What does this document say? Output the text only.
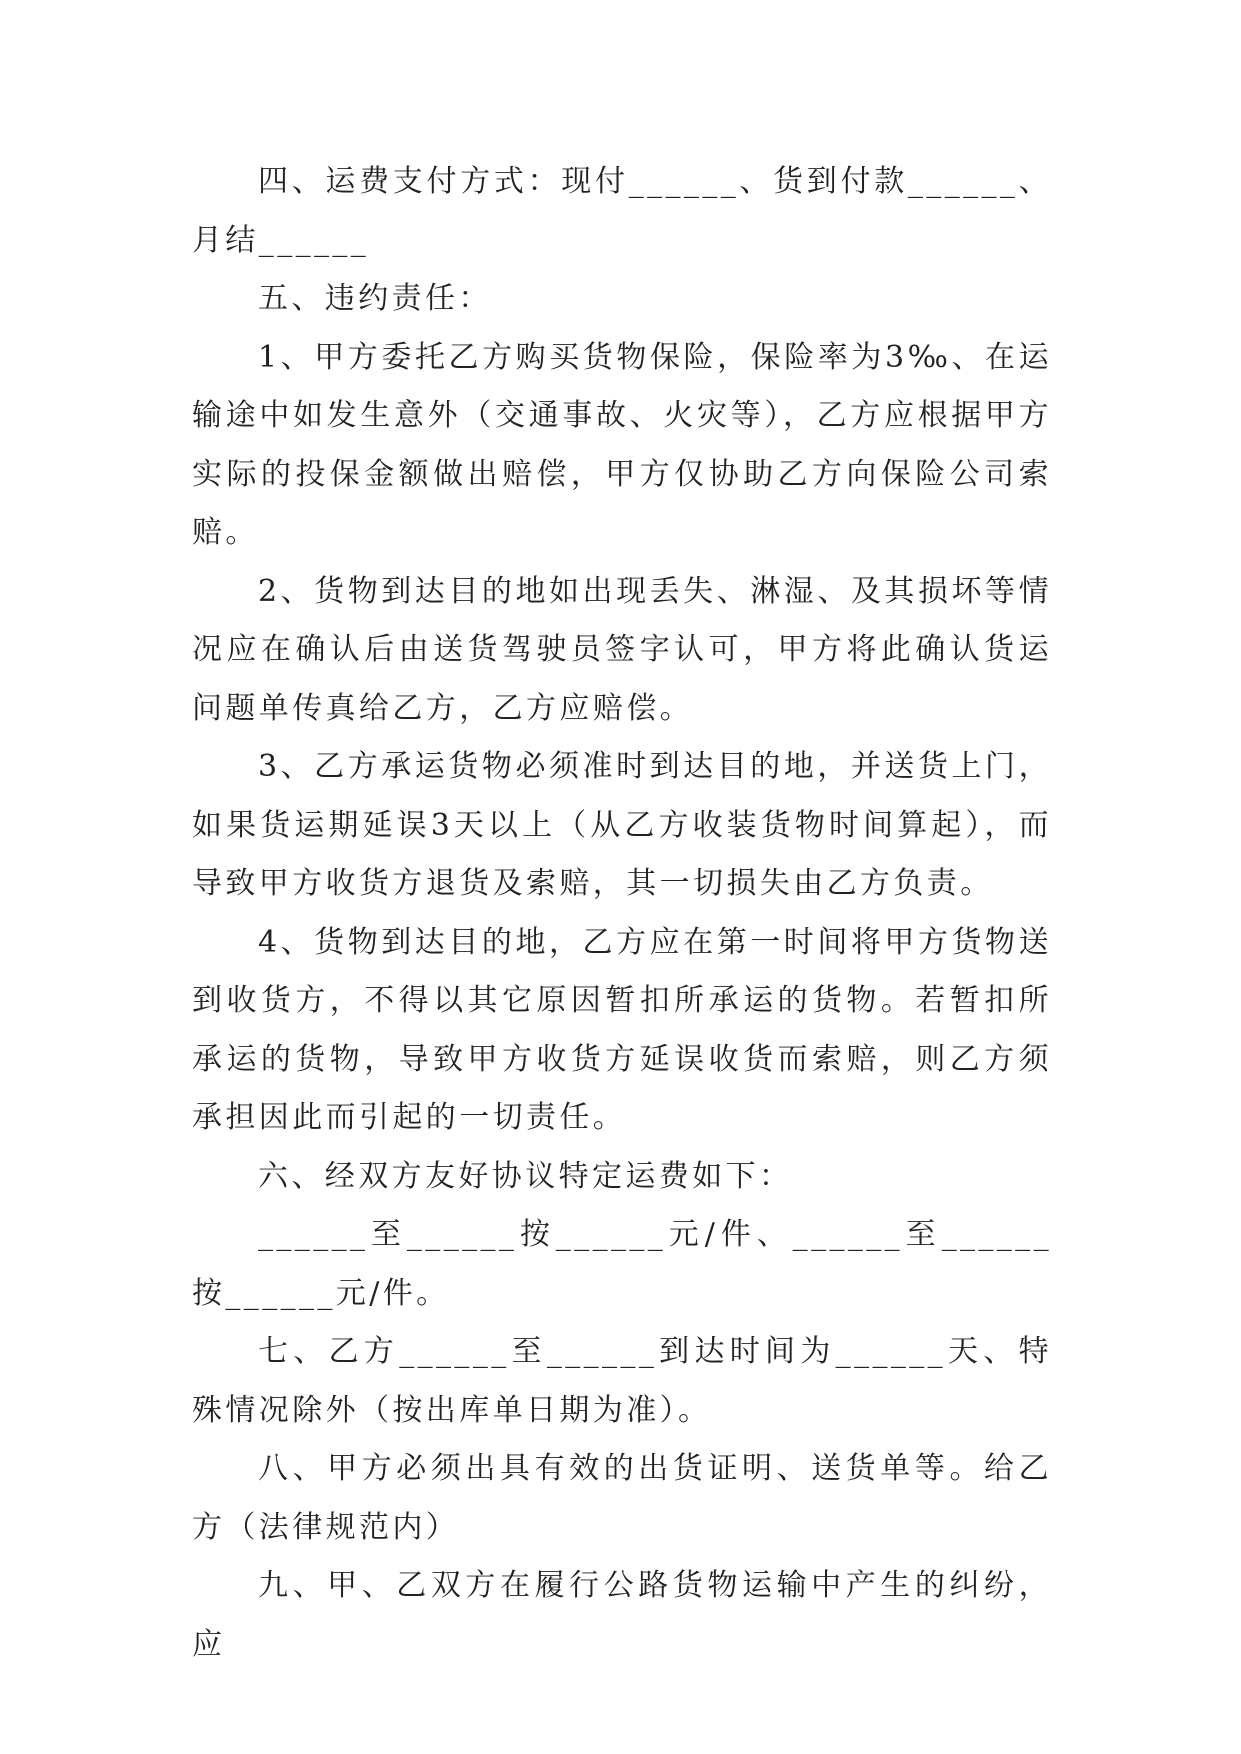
四、运费支付方式：现付______、货到付款______、月结______

五、违约责任：

1、甲方委托乙方购买货物保险，保险率为3‰、在运输途中如发生意外（交通事故、火灾等），乙方应根据甲方实际的投保金额做出赔偿，甲方仅协助乙方向保险公司索赔。

2、货物到达目的地如出现丢失、淋湿、及其损坏等情况应在确认后由送货驾驶员签字认可，甲方将此确认货运问题单传真给乙方，乙方应赔偿。

3、乙方承运货物必须准时到达目的地，并送货上门，如果货运期延误3天以上（从乙方收装货物时间算起），而导致甲方收货方退货及索赔，其一切损失由乙方负责。

4、货物到达目的地，乙方应在第一时间将甲方货物送到收货方，不得以其它原因暂扣所承运的货物。若暂扣所承运的货物，导致甲方收货方延误收货而索赔，则乙方须承担因此而引起的一切责任。

六、经双方友好协议特定运费如下：

______至______按______元/件、______至______按______元/件。

七、乙方______至______到达时间为______天、特殊情况除外（按出库单日期为准）。

八、甲方必须出具有效的出货证明、送货单等。给乙方（法律规范内）

九、甲、乙双方在履行公路货物运输中产生的纠纷，应
